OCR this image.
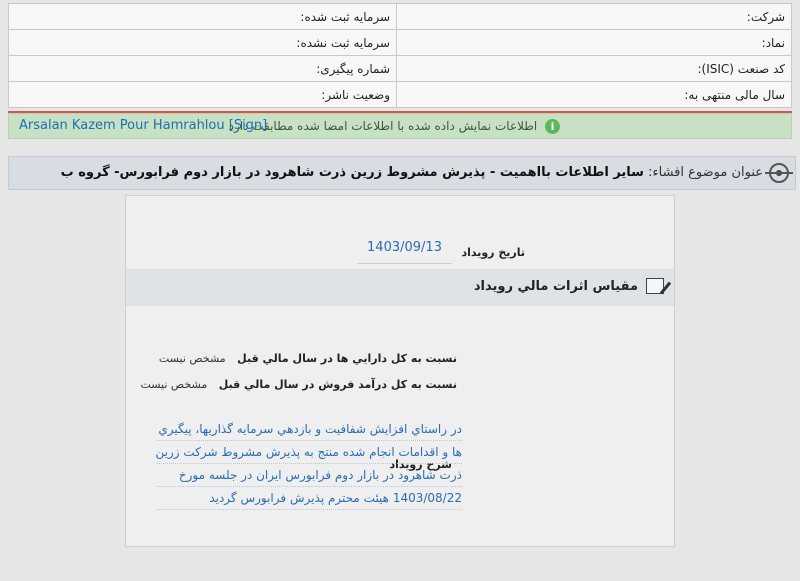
شرکت:	سرمایه ثبت شده:
نماد:	سرمایه ثبت نشده:
کد صنعت (ISIC):	شماره پیگیری:
سال مالی منتهی به:	وضعیت ناشر:
i اطلاعات نمایش داده شده با اطلاعات امضا شده مطابقت دارد
Arsalan Kazem Pour Hamrahlou [Sign]
عنوان موضوع افشاء: سایر اطلاعات بااهمیت - پذیرش مشروط زرین ذرت شاهرود در بازار دوم فرابورس- گروه ب
تاريخ رويداد
1403/09/13
مقياس اثرات مالي رويداد
نسبت به کل دارايي ها در سال مالي قبل مشخص نيست
نسبت به کل درآمد فروش در سال مالي قبل مشخص نيست
شرح رويداد
در راستاي افزايش شفافيت و بازدهي سرمايه گذاريها، پيگيري
ها و اقدامات انجام شده منتج به پذيرش مشروط شرکت زرين
ذرت شاهرود در بازار دوم فرابورس ايران در جلسه مورخ
1403/08/22 هيئت محترم پذيرش فرابورس گرديد
